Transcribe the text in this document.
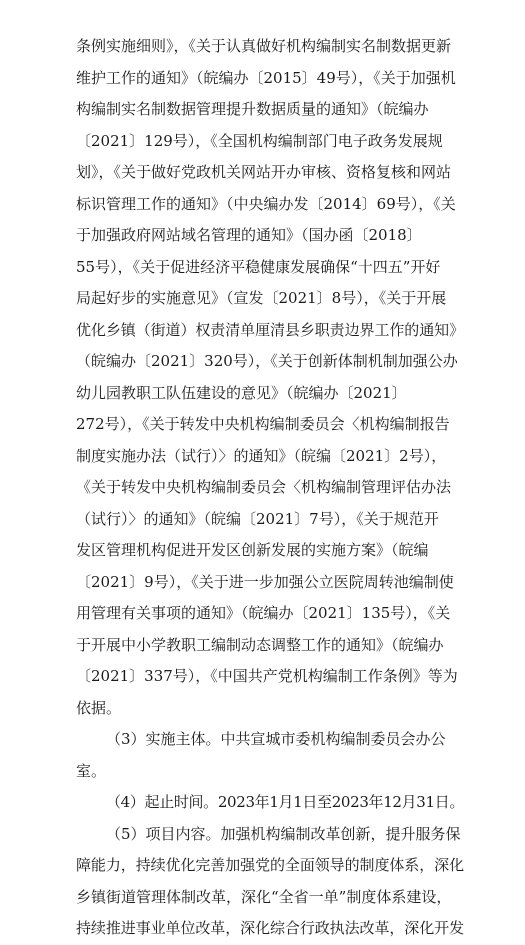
条例实施细则》，《关于认真做好机构编制实名制数据更新
维护工作的通知》（皖编办〔2015〕49号），《关于加强机
构编制实名制数据管理提升数据质量的通知》（皖编办
〔2021〕129号），《全国机构编制部门电子政务发展规
划》，《关于做好党政机关网站开办审核、资格复核和网站
标识管理工作的通知》（中央编办发〔2014〕69号），《关
于加强政府网站域名管理的通知》（国办函〔2018〕
55号），《关于促进经济平稳健康发展确保“十四五”开好
局起好步的实施意见》（宣发〔2021〕8号），《关于开展
优化乡镇（街道）权责清单厘清县乡职责边界工作的通知》
（皖编办〔2021〕320号），《关于创新体制机制加强公办
幼儿园教职工队伍建设的意见》（皖编办〔2021〕
272号），《关于转发中央机构编制委员会〈机构编制报告
制度实施办法（试行）〉的通知》（皖编〔2021〕2号），
《关于转发中央机构编制委员会〈机构编制管理评估办法
（试行）〉的通知》（皖编〔2021〕7号），《关于规范开
发区管理机构促进开发区创新发展的实施方案》（皖编
〔2021〕9号），《关于进一步加强公立医院周转池编制使
用管理有关事项的通知》（皖编办〔2021〕135号），《关
于开展中小学教职工编制动态调整工作的通知》（皖编办
〔2021〕337号），《中国共产党机构编制工作条例》等为
依据。
（3）实施主体。中共宣城市委机构编制委员会办公
室。
（4）起止时间。2023年1月1日至2023年12月31日。
（5）项目内容。加强机构编制改革创新，提升服务保
障能力，持续优化完善加强党的全面领导的制度体系，深化
乡镇街道管理体制改革，深化“全省一单”制度体系建设，
持续推进事业单位改革，深化综合行政执法改革，深化开发
